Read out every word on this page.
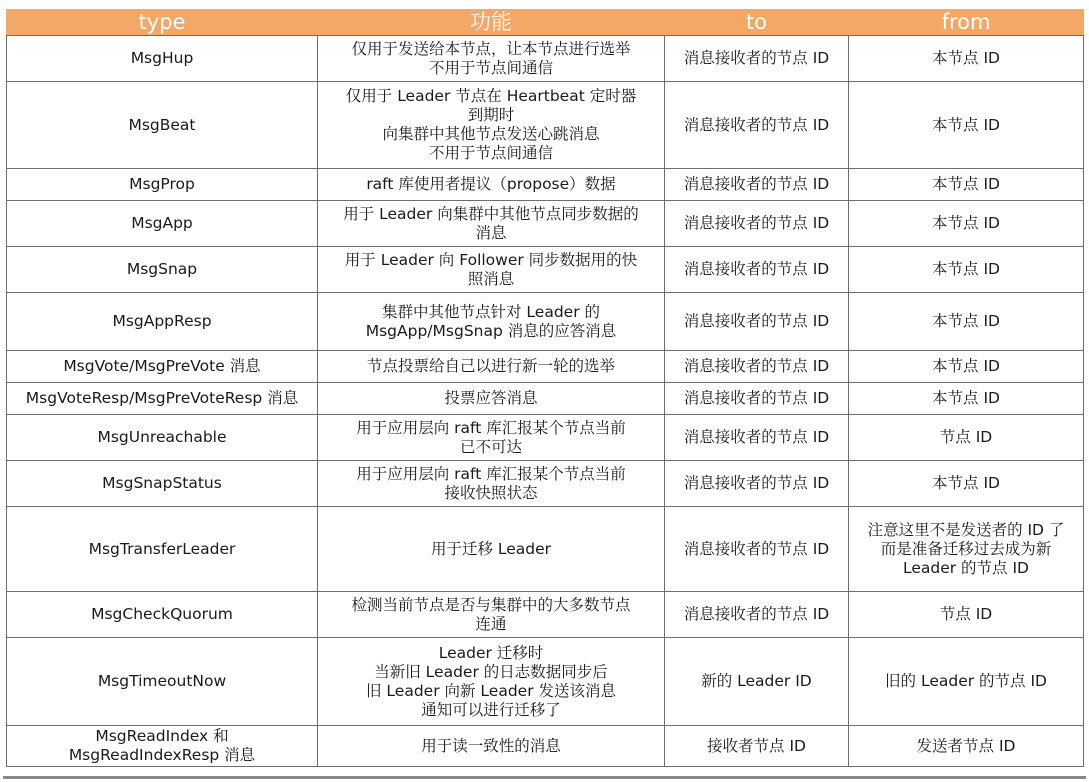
type	功能	to	from

MsgHup	仅用于发送给本节点，让本节点进行选举
不用于节点间通信	消息接收者的节点 ID	本节点 ID

MsgBeat	仅用于 Leader 节点在 Heartbeat 定时器
到期时
向集群中其他节点发送心跳消息
不用于节点间通信	消息接收者的节点 ID	本节点 ID

MsgProp	raft 库使用者提议（propose）数据	消息接收者的节点 ID	本节点 ID

MsgApp	用于 Leader 向集群中其他节点同步数据的
消息	消息接收者的节点 ID	本节点 ID

MsgSnap	用于 Leader 向 Follower 同步数据用的快
照消息	消息接收者的节点 ID	本节点 ID

MsgAppResp	集群中其他节点针对 Leader 的
MsgApp/MsgSnap 消息的应答消息	消息接收者的节点 ID	本节点 ID

MsgVote/MsgPreVote 消息	节点投票给自己以进行新一轮的选举	消息接收者的节点 ID	本节点 ID

MsgVoteResp/MsgPreVoteResp 消息	投票应答消息	消息接收者的节点 ID	本节点 ID

MsgUnreachable	用于应用层向 raft 库汇报某个节点当前
已不可达	消息接收者的节点 ID	节点 ID

MsgSnapStatus	用于应用层向 raft 库汇报某个节点当前
接收快照状态	消息接收者的节点 ID	本节点 ID

MsgTransferLeader	用于迁移 Leader	消息接收者的节点 ID	注意这里不是发送者的 ID 了
而是准备迁移过去成为新
Leader 的节点 ID

MsgCheckQuorum	检测当前节点是否与集群中的大多数节点
连通	消息接收者的节点 ID	节点 ID

MsgTimeoutNow	Leader 迁移时
当新旧 Leader 的日志数据同步后
旧 Leader 向新 Leader 发送该消息
通知可以进行迁移了	新的 Leader ID	旧的 Leader 的节点 ID

MsgReadIndex 和
MsgReadIndexResp 消息	用于读一致性的消息	接收者节点 ID	发送者节点 ID
